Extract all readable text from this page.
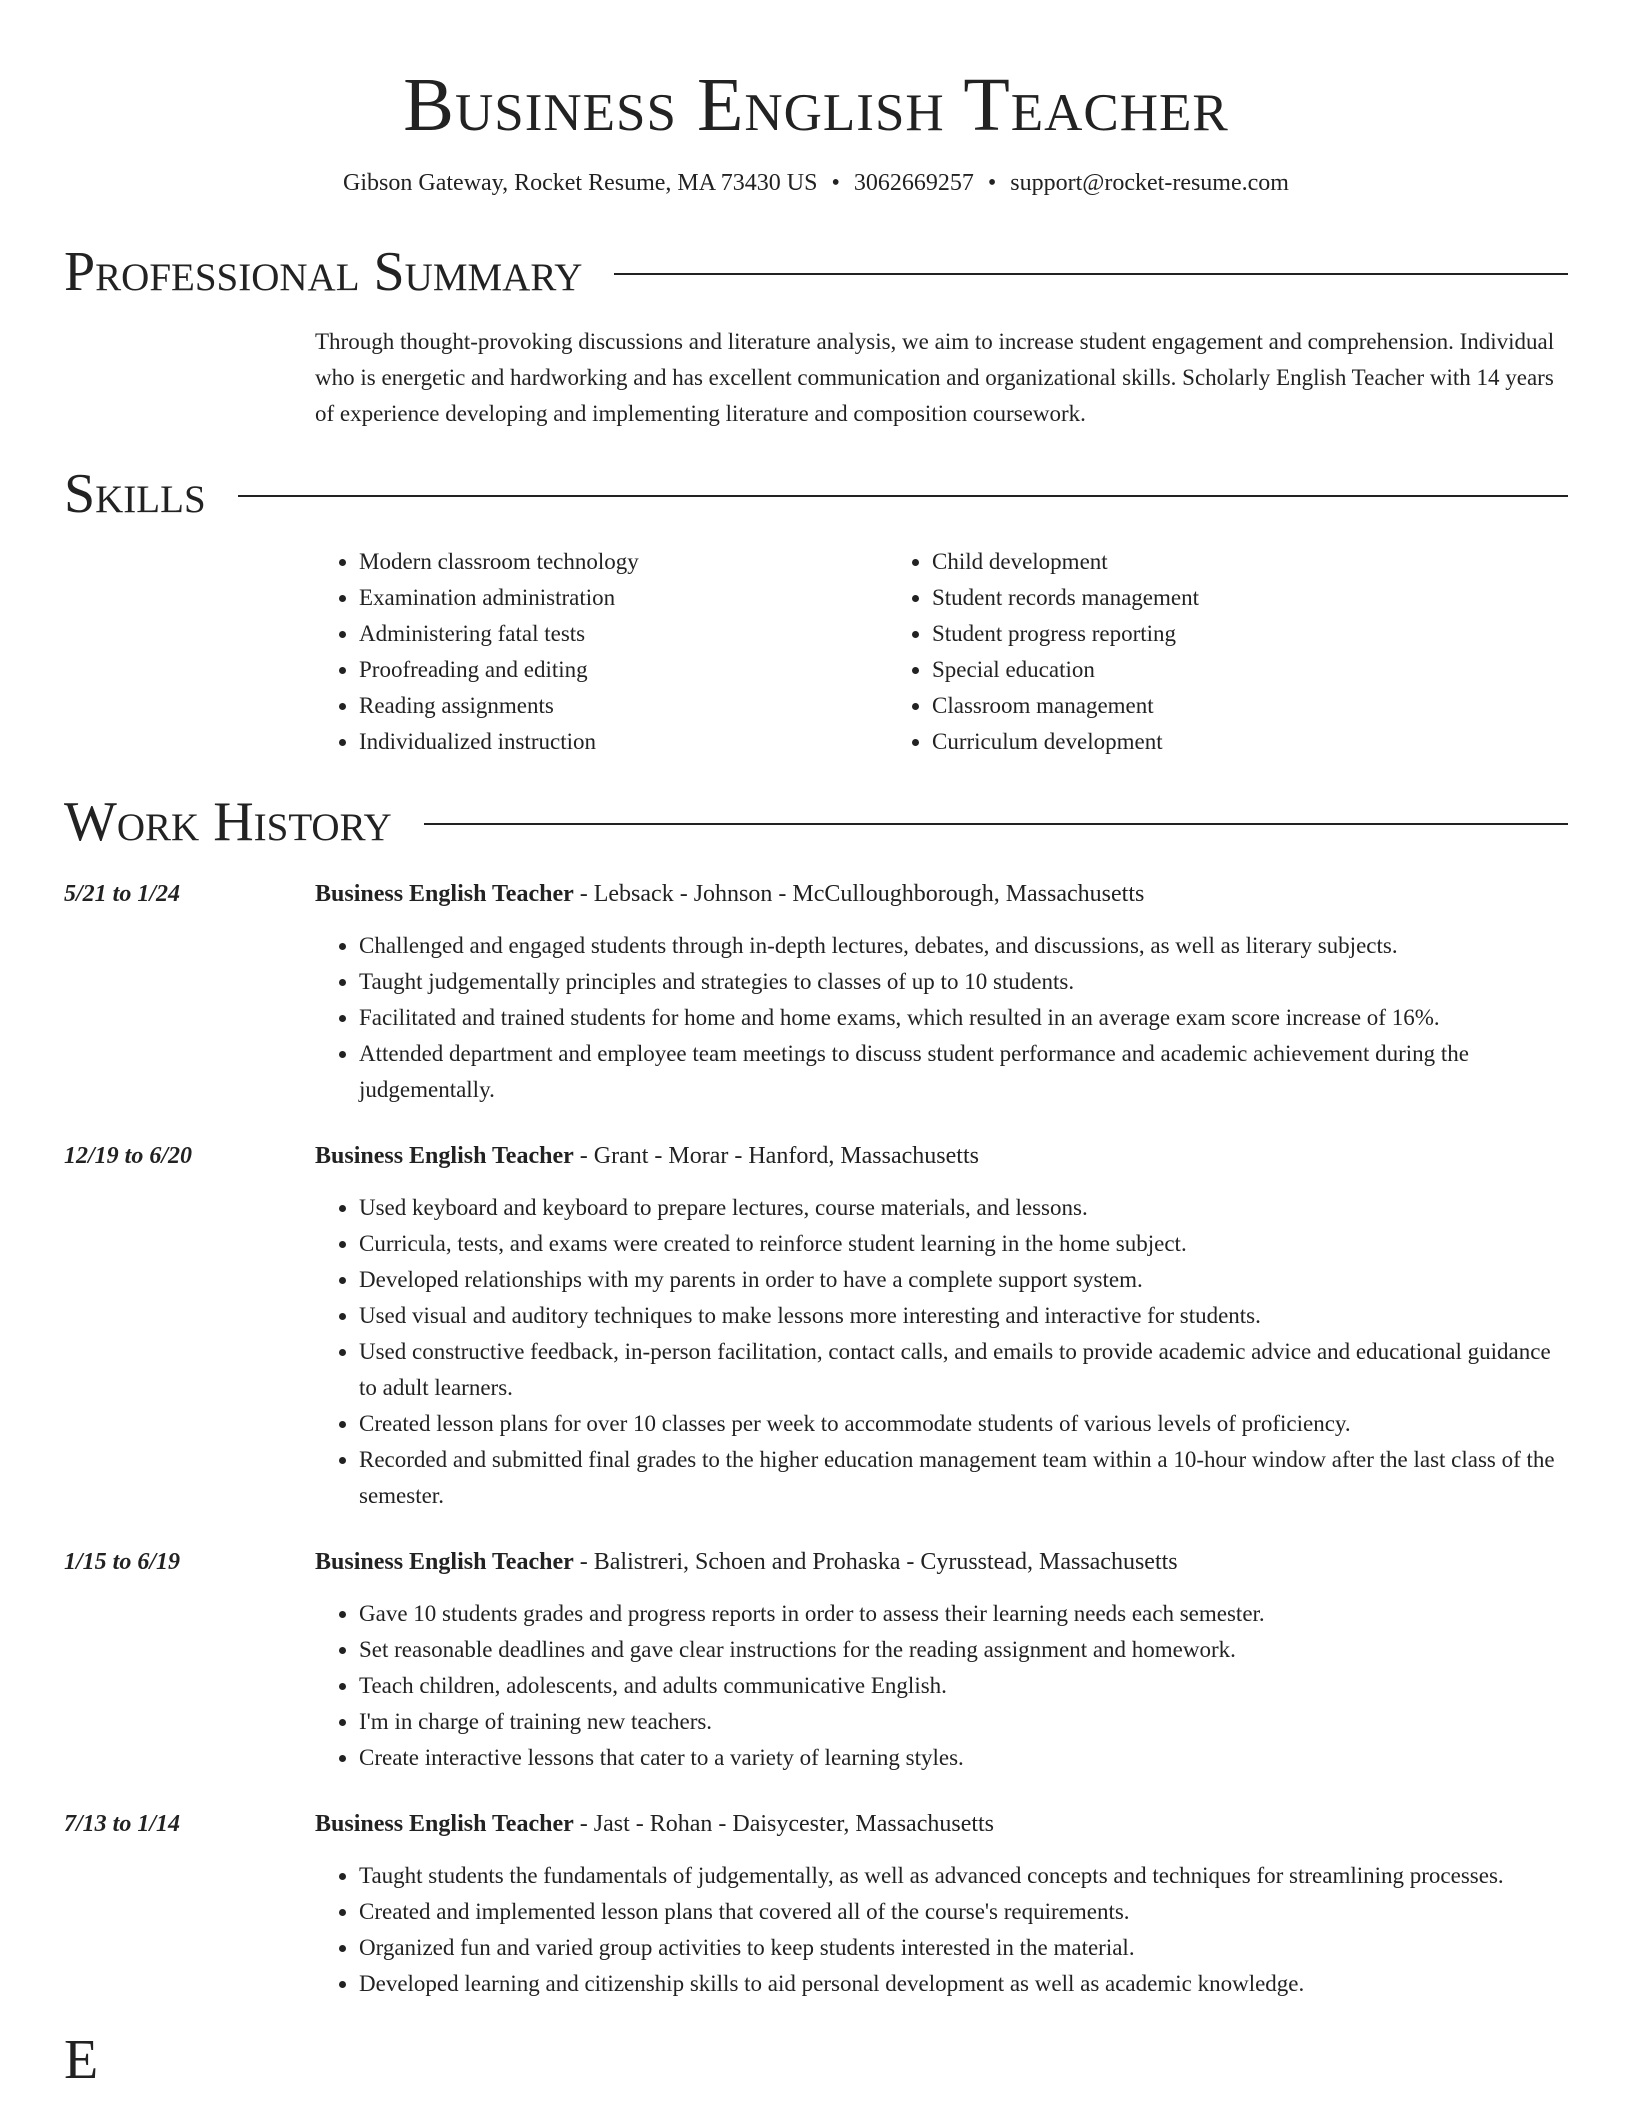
Business English Teacher
Gibson Gateway, Rocket Resume, MA 73430 US • 3062669257 • support@rocket-resume.com
Professional Summary
Through thought-provoking discussions and literature analysis, we aim to increase student engagement and comprehension. Individual who is energetic and hardworking and has excellent communication and organizational skills. Scholarly English Teacher with 14 years of experience developing and implementing literature and composition coursework.
Skills
• Modern classroom technology
• Examination administration
• Administering fatal tests
• Proofreading and editing
• Reading assignments
• Individualized instruction
• Child development
• Student records management
• Student progress reporting
• Special education
• Classroom management
• Curriculum development
Work History
5/21 to 1/24	Business English Teacher - Lebsack - Johnson - McCulloughborough, Massachusetts
• Challenged and engaged students through in-depth lectures, debates, and discussions, as well as literary subjects.
• Taught judgementally principles and strategies to classes of up to 10 students.
• Facilitated and trained students for home and home exams, which resulted in an average exam score increase of 16%.
• Attended department and employee team meetings to discuss student performance and academic achievement during the judgementally.
12/19 to 6/20	Business English Teacher - Grant - Morar - Hanford, Massachusetts
• Used keyboard and keyboard to prepare lectures, course materials, and lessons.
• Curricula, tests, and exams were created to reinforce student learning in the home subject.
• Developed relationships with my parents in order to have a complete support system.
• Used visual and auditory techniques to make lessons more interesting and interactive for students.
• Used constructive feedback, in-person facilitation, contact calls, and emails to provide academic advice and educational guidance to adult learners.
• Created lesson plans for over 10 classes per week to accommodate students of various levels of proficiency.
• Recorded and submitted final grades to the higher education management team within a 10-hour window after the last class of the semester.
1/15 to 6/19	Business English Teacher - Balistreri, Schoen and Prohaska - Cyrusstead, Massachusetts
• Gave 10 students grades and progress reports in order to assess their learning needs each semester.
• Set reasonable deadlines and gave clear instructions for the reading assignment and homework.
• Teach children, adolescents, and adults communicative English.
• I'm in charge of training new teachers.
• Create interactive lessons that cater to a variety of learning styles.
7/13 to 1/14	Business English Teacher - Jast - Rohan - Daisycester, Massachusetts
• Taught students the fundamentals of judgementally, as well as advanced concepts and techniques for streamlining processes.
• Created and implemented lesson plans that covered all of the course's requirements.
• Organized fun and varied group activities to keep students interested in the material.
• Developed learning and citizenship skills to aid personal development as well as academic knowledge.
E
